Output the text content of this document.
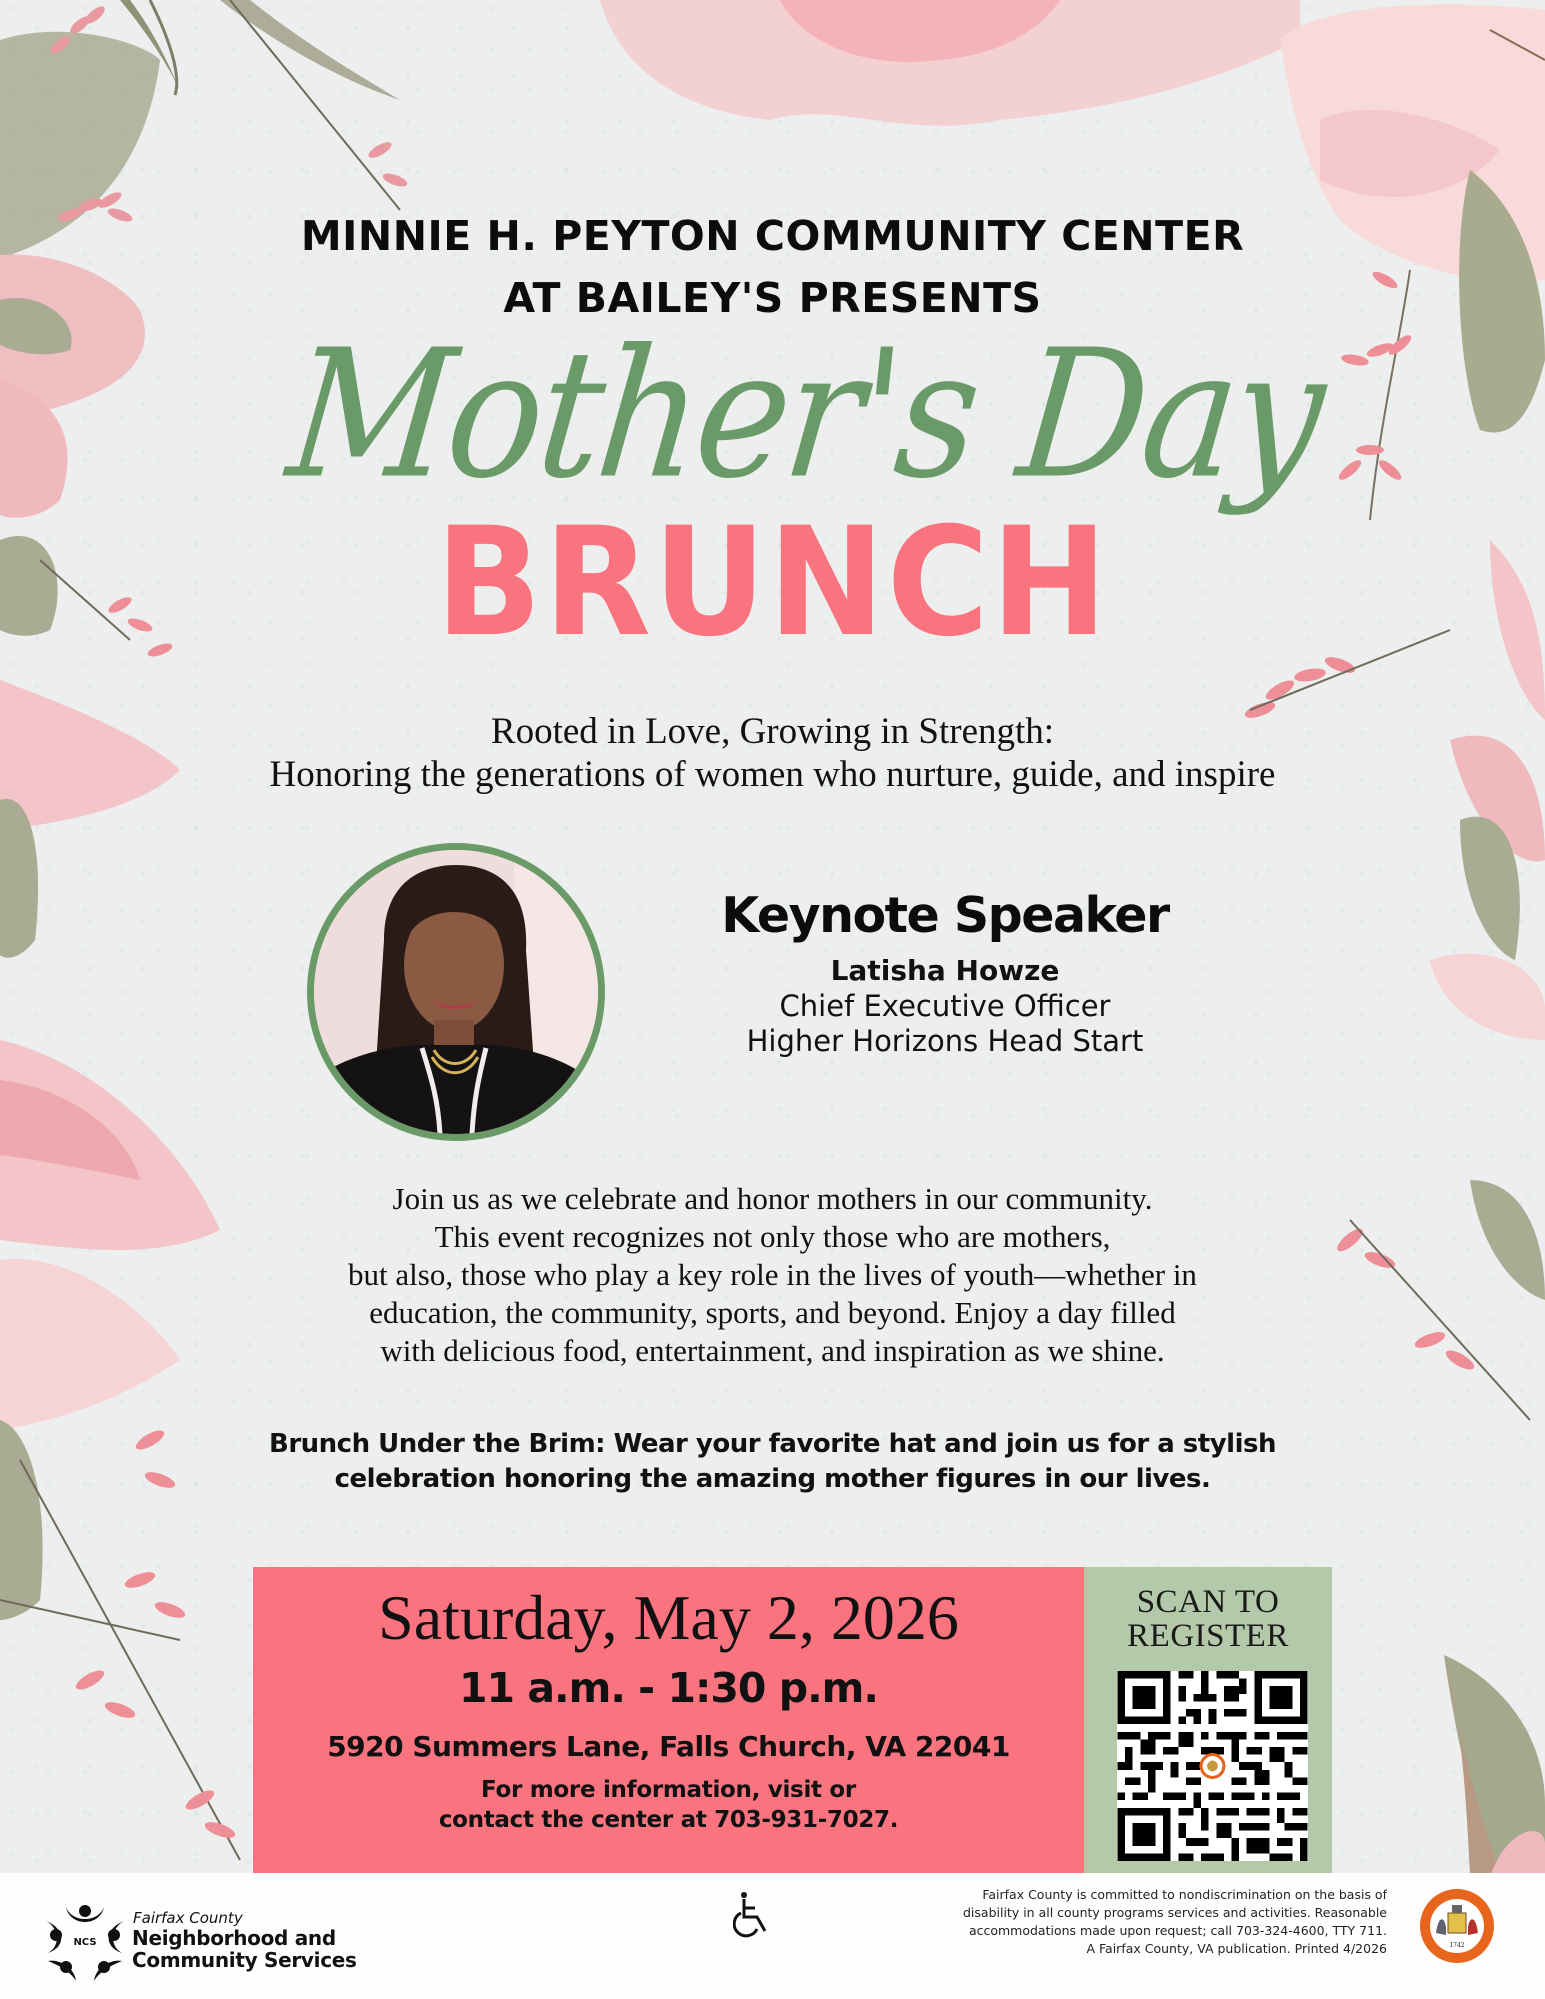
MINNIE H. PEYTON COMMUNITY CENTER
AT BAILEY'S PRESENTS
Mother's Day
BRUNCH
Rooted in Love, Growing in Strength:
Honoring the generations of women who nurture, guide, and inspire
Keynote Speaker
Latisha Howze
Chief Executive Officer
Higher Horizons Head Start
Join us as we celebrate and honor mothers in our community.
This event recognizes not only those who are mothers,
but also, those who play a key role in the lives of youth—whether in
education, the community, sports, and beyond. Enjoy a day filled
with delicious food, entertainment, and inspiration as we shine.
Brunch Under the Brim: Wear your favorite hat and join us for a stylish
celebration honoring the amazing mother figures in our lives.
Saturday, May 2, 2026
11 a.m. - 1:30 p.m.
5920 Summers Lane, Falls Church, VA 22041
For more information, visit or
contact the center at 703-931-7027.
SCAN TO
REGISTER
NCS
Fairfax County
Neighborhood and
Community Services
Fairfax County is committed to nondiscrimination on the basis of
disability in all county programs services and activities. Reasonable
accommodations made upon request; call 703-324-4600, TTY 711.
A Fairfax County, VA publication. Printed 4/2026	1742
